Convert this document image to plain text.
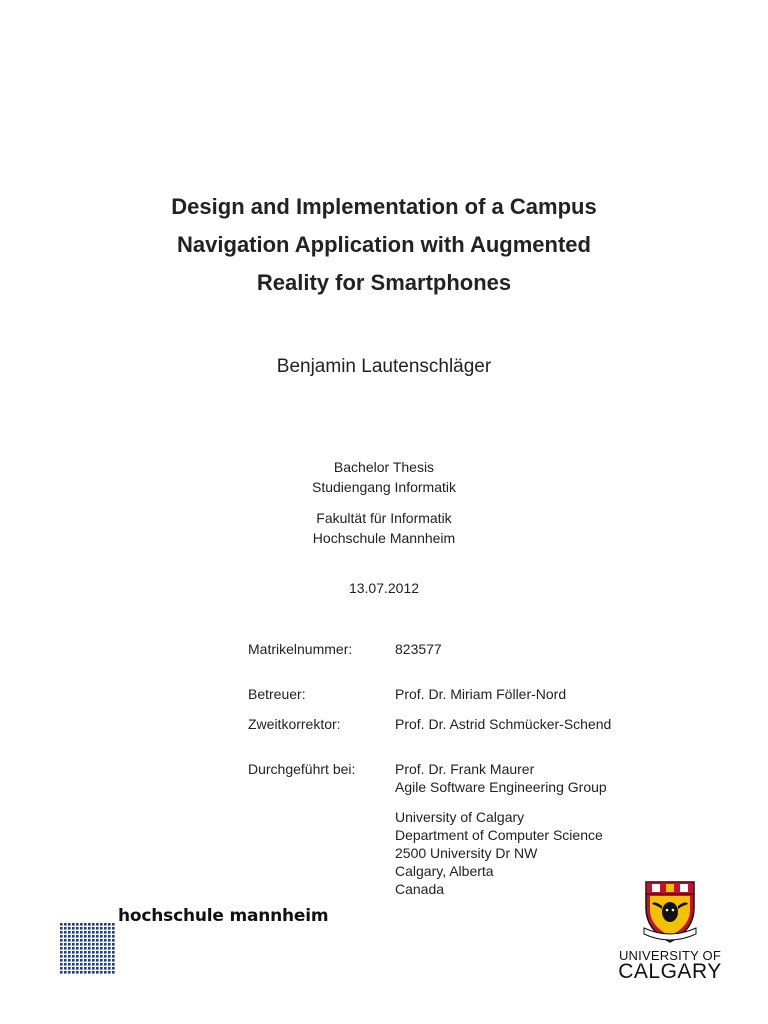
Design and Implementation of a Campus
Navigation Application with Augmented
Reality for Smartphones
Benjamin Lautenschläger
Bachelor Thesis
Studiengang Informatik
Fakultät für Informatik
Hochschule Mannheim
13.07.2012
Matrikelnummer:	823577
Betreuer:	Prof. Dr. Miriam Föller-Nord
Zweitkorrektor:	Prof. Dr. Astrid Schmücker-Schend
Durchgeführt bei:	Prof. Dr. Frank Maurer
Agile Software Engineering Group
University of Calgary
Department of Computer Science
2500 University Dr NW
Calgary, Alberta
Canada
hochschule mannheim
UNIVERSITY OF
CALGARY
